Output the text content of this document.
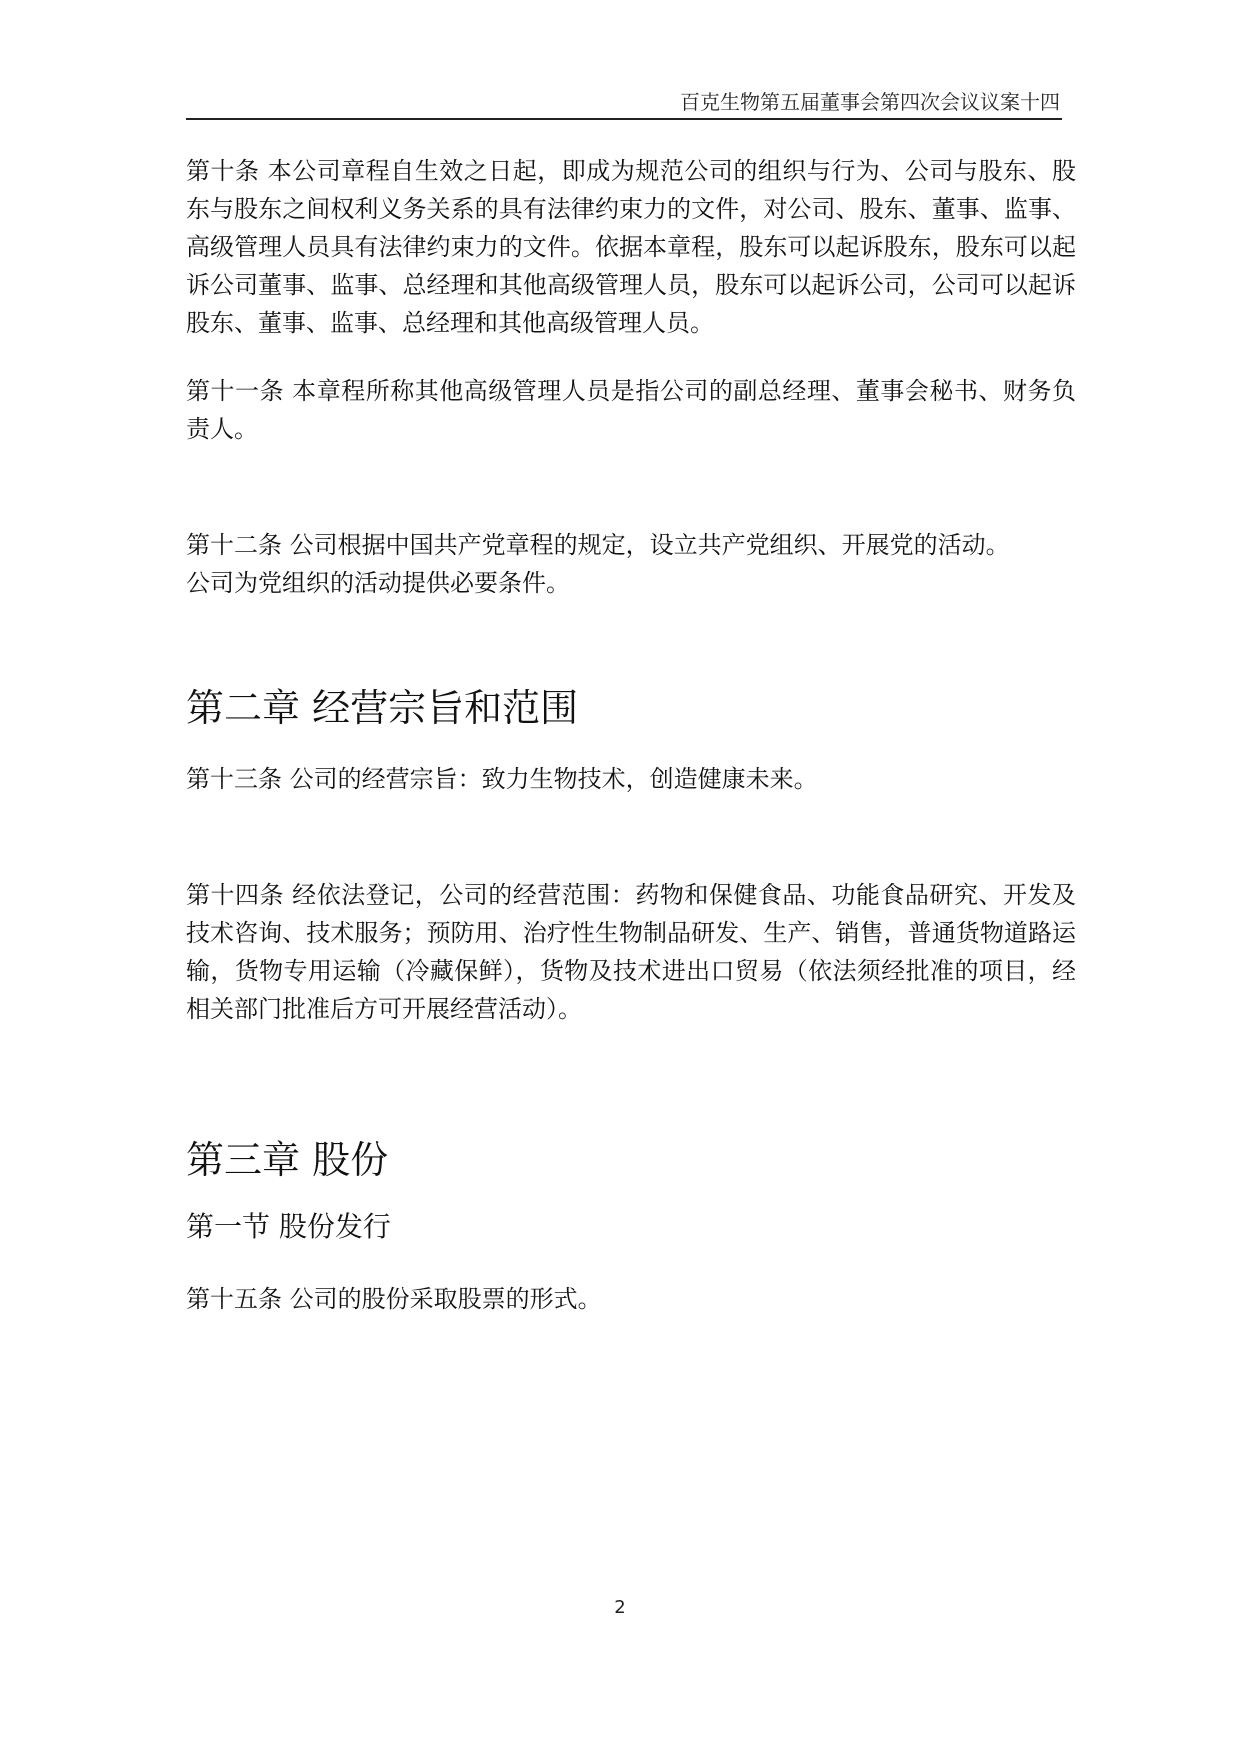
百克生物第五届董事会第四次会议议案十四

第十条 本公司章程自生效之日起，即成为规范公司的组织与行为、公司与股东、股东与股东之间权利义务关系的具有法律约束力的文件，对公司、股东、董事、监事、高级管理人员具有法律约束力的文件。依据本章程，股东可以起诉股东，股东可以起诉公司董事、监事、总经理和其他高级管理人员，股东可以起诉公司，公司可以起诉股东、董事、监事、总经理和其他高级管理人员。

第十一条 本章程所称其他高级管理人员是指公司的副总经理、董事会秘书、财务负责人。

第十二条 公司根据中国共产党章程的规定，设立共产党组织、开展党的活动。

公司为党组织的活动提供必要条件。

第二章 经营宗旨和范围

第十三条 公司的经营宗旨：致力生物技术，创造健康未来。

第十四条 经依法登记，公司的经营范围：药物和保健食品、功能食品研究、开发及技术咨询、技术服务；预防用、治疗性生物制品研发、生产、销售，普通货物道路运输，货物专用运输（冷藏保鲜），货物及技术进出口贸易（依法须经批准的项目，经相关部门批准后方可开展经营活动）。

第三章 股份
第一节 股份发行

第十五条 公司的股份采取股票的形式。

2
